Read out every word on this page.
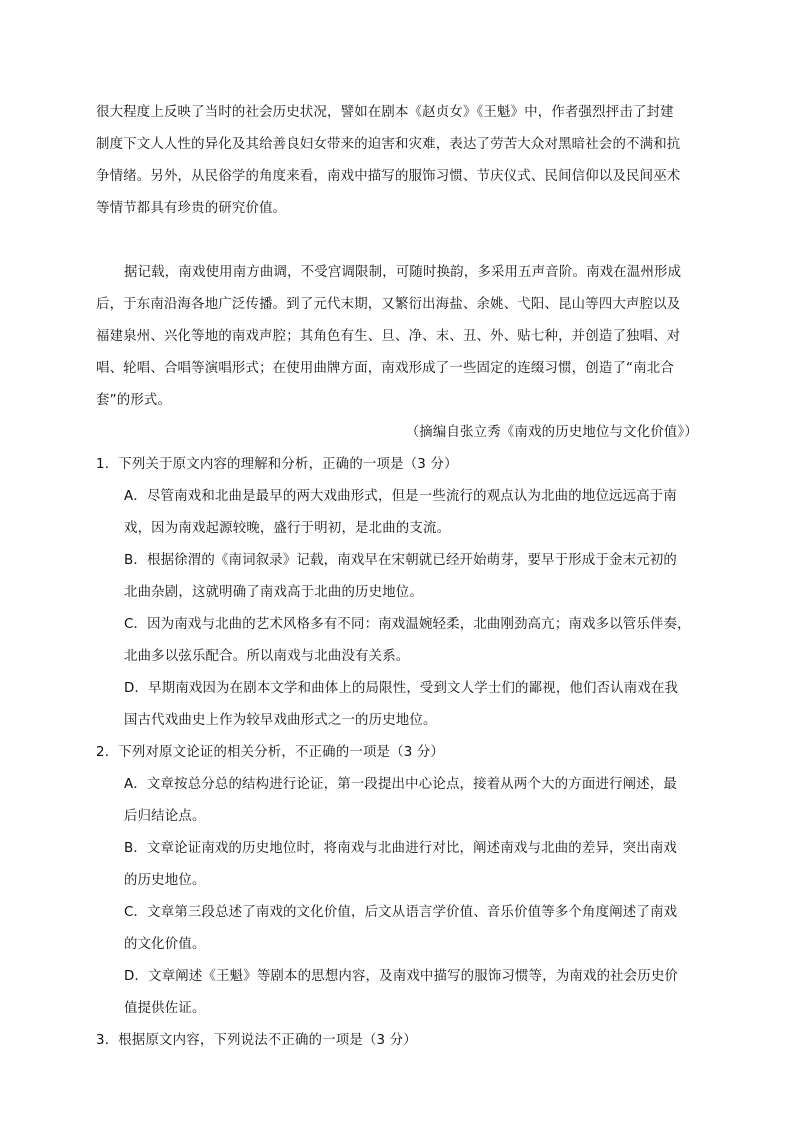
很大程度上反映了当时的社会历史状况，譬如在剧本《赵贞女》《王魁》中，作者强烈抨击了封建
制度下文人人性的异化及其给善良妇女带来的迫害和灾难，表达了劳苦大众对黑暗社会的不满和抗
争情绪。另外，从民俗学的角度来看，南戏中描写的服饰习惯、节庆仪式、民间信仰以及民间巫术
等情节都具有珍贵的研究价值。
据记载，南戏使用南方曲调，不受宫调限制，可随时换韵，多采用五声音阶。南戏在温州形成
后，于东南沿海各地广泛传播。到了元代末期，又繁衍出海盐、余姚、弋阳、昆山等四大声腔以及
福建泉州、兴化等地的南戏声腔；其角色有生、旦、净、末、丑、外、贴七种，并创造了独唱、对
唱、轮唱、合唱等演唱形式；在使用曲牌方面，南戏形成了一些固定的连缀习惯，创造了“南北合
套”的形式。
（摘编自张立秀《南戏的历史地位与文化价值》）
1．下列关于原文内容的理解和分析，正确的一项是（3 分）
A．尽管南戏和北曲是最早的两大戏曲形式，但是一些流行的观点认为北曲的地位远远高于南
戏，因为南戏起源较晚，盛行于明初，是北曲的支流。
B．根据徐渭的《南词叙录》记载，南戏早在宋朝就已经开始萌芽，要早于形成于金末元初的
北曲杂剧，这就明确了南戏高于北曲的历史地位。
C．因为南戏与北曲的艺术风格多有不同：南戏温婉轻柔，北曲刚劲高亢；南戏多以管乐伴奏，
北曲多以弦乐配合。所以南戏与北曲没有关系。
D．早期南戏因为在剧本文学和曲体上的局限性，受到文人学士们的鄙视，他们否认南戏在我
国古代戏曲史上作为较早戏曲形式之一的历史地位。
2．下列对原文论证的相关分析，不正确的一项是（3 分）
A．文章按总分总的结构进行论证，第一段提出中心论点，接着从两个大的方面进行阐述，最
后归结论点。
B．文章论证南戏的历史地位时，将南戏与北曲进行对比，阐述南戏与北曲的差异，突出南戏
的历史地位。
C．文章第三段总述了南戏的文化价值，后文从语言学价值、音乐价值等多个角度阐述了南戏
的文化价值。
D．文章阐述《王魁》等剧本的思想内容，及南戏中描写的服饰习惯等，为南戏的社会历史价
值提供佐证。
3．根据原文内容，下列说法不正确的一项是（3 分）
